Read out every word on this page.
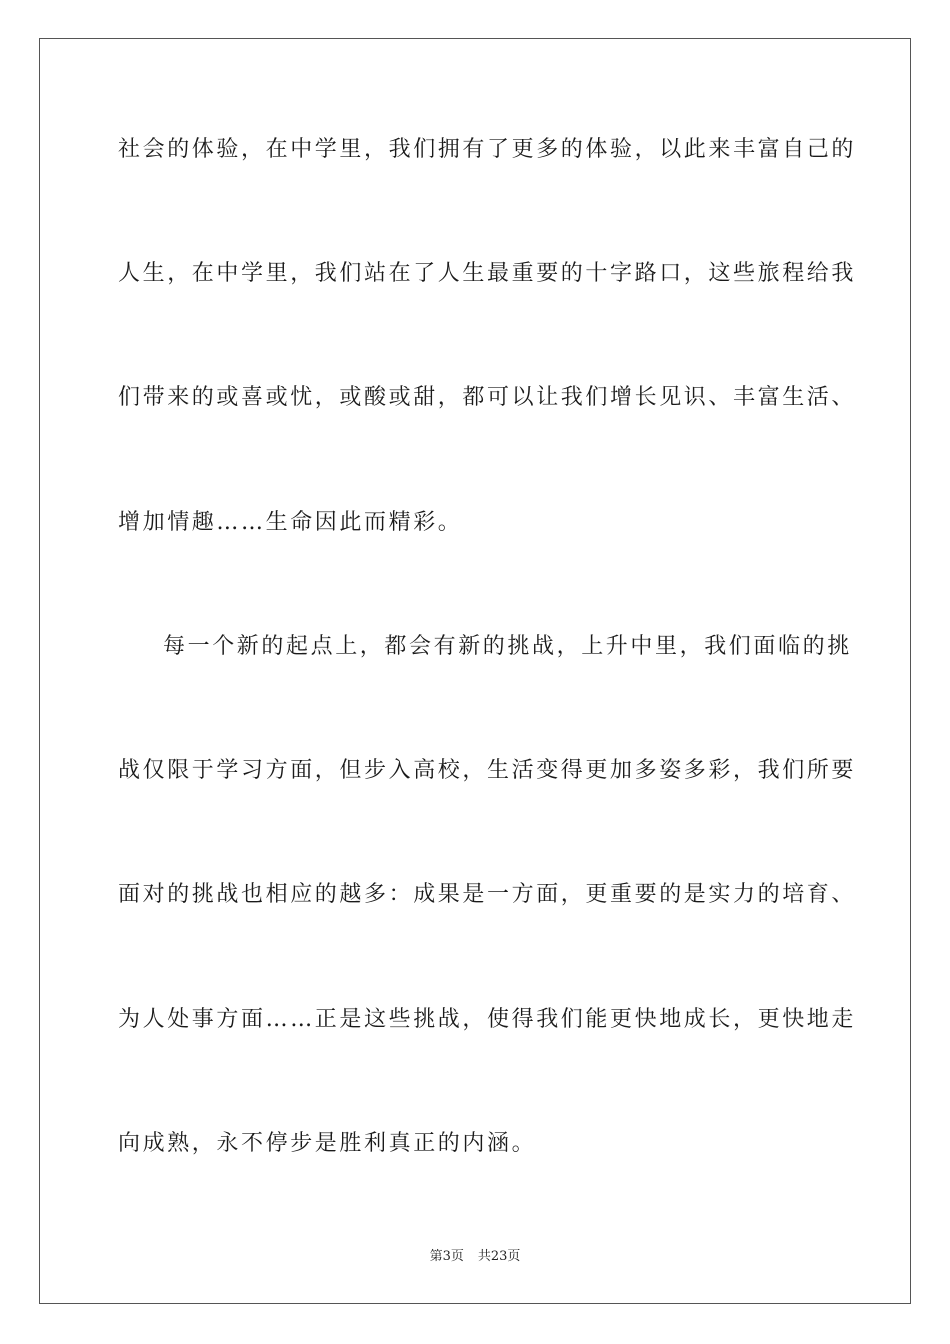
社会的体验，在中学里，我们拥有了更多的体验，以此来丰富自己的

人生，在中学里，我们站在了人生最重要的十字路口，这些旅程给我

们带来的或喜或忧，或酸或甜，都可以让我们增长见识、丰富生活、

增加情趣……生命因此而精彩。

每一个新的起点上，都会有新的挑战，上升中里，我们面临的挑

战仅限于学习方面，但步入高校，生活变得更加多姿多彩，我们所要

面对的挑战也相应的越多：成果是一方面，更重要的是实力的培育、

为人处事方面……正是这些挑战，使得我们能更快地成长，更快地走

向成熟，永不停步是胜利真正的内涵。

第3页 共23页
